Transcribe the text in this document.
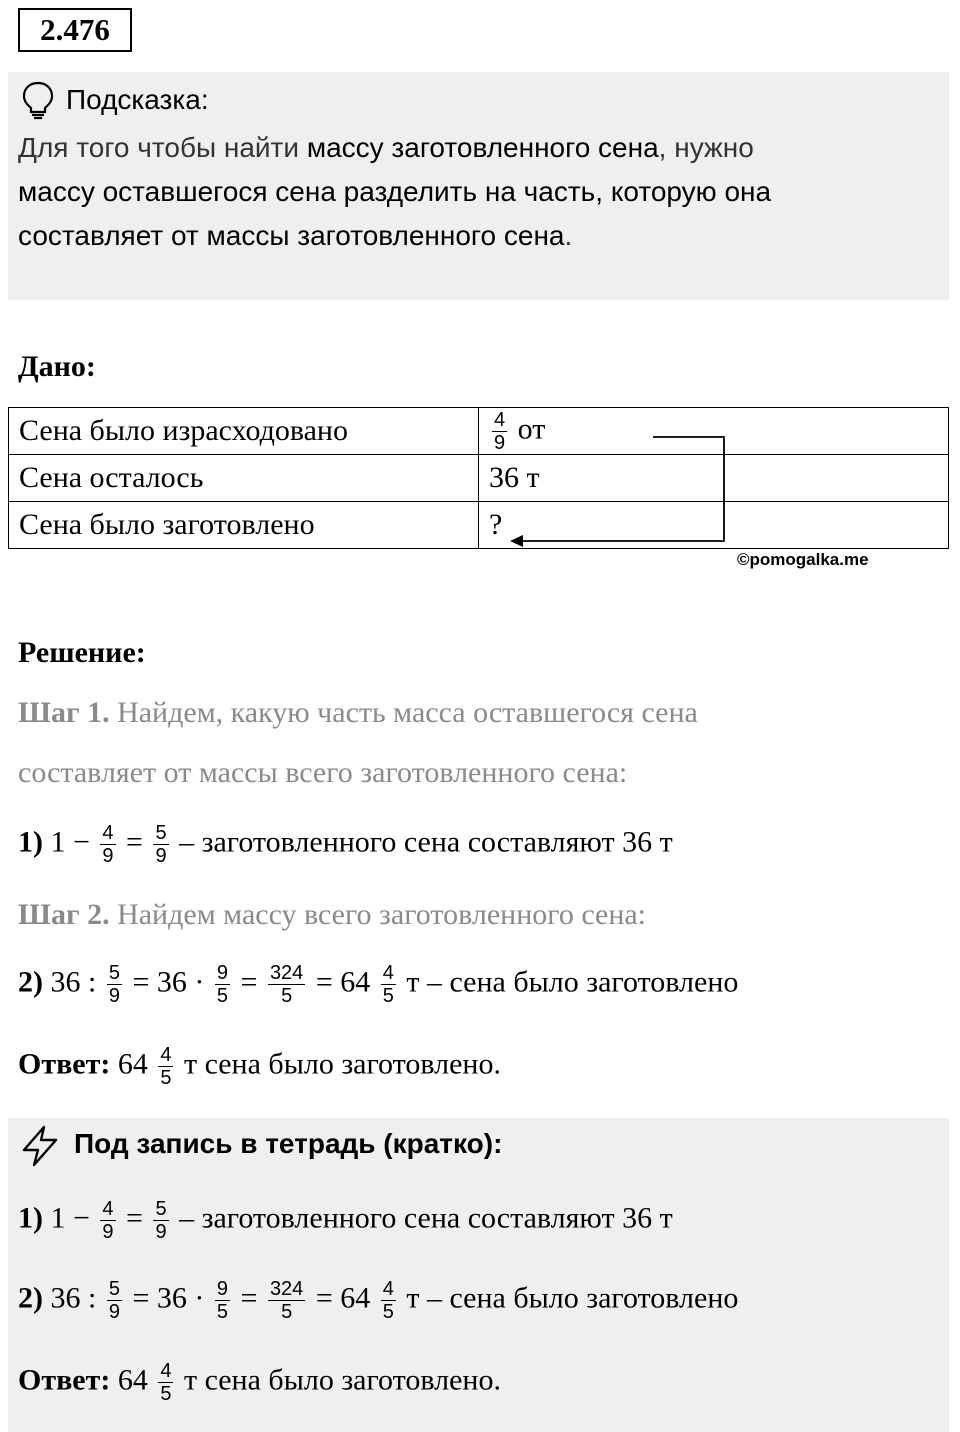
2.476
Подсказка:
Для того чтобы найти массу заготовленного сена, нужно
массу оставшегося сена разделить на часть, которую она
составляет от массы заготовленного сена.
Дано:
Сена было израсходовано	$\frac{4}{9}$ от
Сена осталось	36 т
Сена было заготовлено	?
©pomogalka.me
Решение:
Шаг 1. Найдем, какую часть масса оставшегося сена
составляет от массы всего заготовленного сена:
1) $1 - \frac{4}{9} = \frac{5}{9}$ – заготовленного сена составляют 36 т
Шаг 2. Найдем массу всего заготовленного сена:
2) 36 : $\frac{5}{9} = 36 \cdot \frac{9}{5} = \frac{324}{5} = 64 \frac{4}{5}$ т – сена было заготовлено
Ответ: $64 \frac{4}{5}$ т сена было заготовлено.
Под запись в тетрадь (кратко):
1) $1 - \frac{4}{9} = \frac{5}{9}$ – заготовленного сена составляют 36 т
2) 36 : $\frac{5}{9} = 36 \cdot \frac{9}{5} = \frac{324}{5} = 64 \frac{4}{5}$ т – сена было заготовлено
Ответ: $64 \frac{4}{5}$ т сена было заготовлено.
